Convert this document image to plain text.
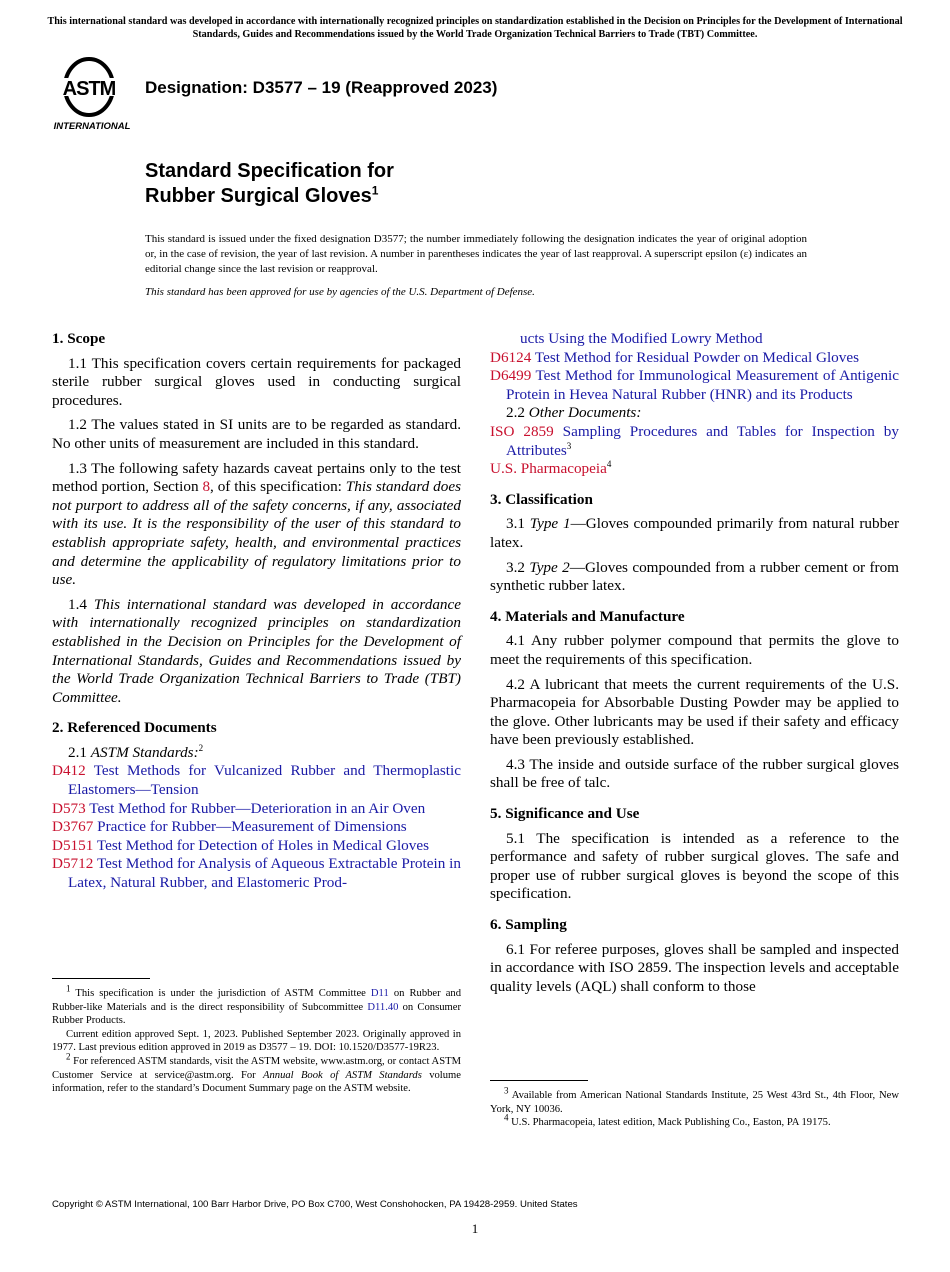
This international standard was developed in accordance with internationally recognized principles on standardization established in the Decision on Principles for the Development of International Standards, Guides and Recommendations issued by the World Trade Organization Technical Barriers to Trade (TBT) Committee.
ASTM
INTERNATIONAL
Designation: D3577 – 19 (Reapproved 2023)
Standard Specification for
Rubber Surgical Gloves$^1$
This standard is issued under the fixed designation D3577; the number immediately following the designation indicates the year of original adoption or, in the case of revision, the year of last revision. A number in parentheses indicates the year of last reapproval. A superscript epsilon (ε) indicates an editorial change since the last revision or reapproval.
This standard has been approved for use by agencies of the U.S. Department of Defense.
1. Scope

1.1 This specification covers certain requirements for packaged sterile rubber surgical gloves used in conducting surgical procedures.

1.2 The values stated in SI units are to be regarded as standard. No other units of measurement are included in this standard.

1.3 The following safety hazards caveat pertains only to the test method portion, Section 8, of this specification: This standard does not purport to address all of the safety concerns, if any, associated with its use. It is the responsibility of the user of this standard to establish appropriate safety, health, and environmental practices and determine the applicability of regulatory limitations prior to use.

1.4 This international standard was developed in accordance with internationally recognized principles on standardization established in the Decision on Principles for the Development of International Standards, Guides and Recommendations issued by the World Trade Organization Technical Barriers to Trade (TBT) Committee.

2. Referenced Documents
2.1 ASTM Standards:$^2$
D412 Test Methods for Vulcanized Rubber and Thermoplastic Elastomers—Tension
D573 Test Method for Rubber—Deterioration in an Air Oven
D3767 Practice for Rubber—Measurement of Dimensions
D5151 Test Method for Detection of Holes in Medical Gloves
D5712 Test Method for Analysis of Aqueous Extractable Protein in Latex, Natural Rubber, and Elastomeric Prod-

$^1$ This specification is under the jurisdiction of ASTM Committee D11 on Rubber and Rubber-like Materials and is the direct responsibility of Subcommittee D11.40 on Consumer Rubber Products.

Current edition approved Sept. 1, 2023. Published September 2023. Originally approved in 1977. Last previous edition approved in 2019 as D3577 – 19. DOI: 10.1520/D3577-19R23.

$^2$ For referenced ASTM standards, visit the ASTM website, www.astm.org, or contact ASTM Customer Service at service@astm.org. For Annual Book of ASTM Standards volume information, refer to the standard’s Document Summary page on the ASTM website.

ucts Using the Modified Lowry Method
D6124 Test Method for Residual Powder on Medical Gloves
D6499 Test Method for Immunological Measurement of Antigenic Protein in Hevea Natural Rubber (HNR) and its Products
2.2 Other Documents:
ISO 2859 Sampling Procedures and Tables for Inspection by Attributes$^3$
U.S. Pharmacopeia$^4$
3. Classification

3.1 Type 1—Gloves compounded primarily from natural rubber latex.

3.2 Type 2—Gloves compounded from a rubber cement or from synthetic rubber latex.

4. Materials and Manufacture

4.1 Any rubber polymer compound that permits the glove to meet the requirements of this specification.

4.2 A lubricant that meets the current requirements of the U.S. Pharmacopeia for Absorbable Dusting Powder may be applied to the glove. Other lubricants may be used if their safety and efficacy have been previously established.

4.3 The inside and outside surface of the rubber surgical gloves shall be free of talc.

5. Significance and Use

5.1 The specification is intended as a reference to the performance and safety of rubber surgical gloves. The safe and proper use of rubber surgical gloves is beyond the scope of this specification.

6. Sampling

6.1 For referee purposes, gloves shall be sampled and inspected in accordance with ISO 2859. The inspection levels and acceptable quality levels (AQL) shall conform to those

$^3$ Available from American National Standards Institute, 25 West 43rd St., 4th Floor, New York, NY 10036.

$^4$ U.S. Pharmacopeia, latest edition, Mack Publishing Co., Easton, PA 19175.

Copyright © ASTM International, 100 Barr Harbor Drive, PO Box C700, West Conshohocken, PA 19428-2959. United States
1
